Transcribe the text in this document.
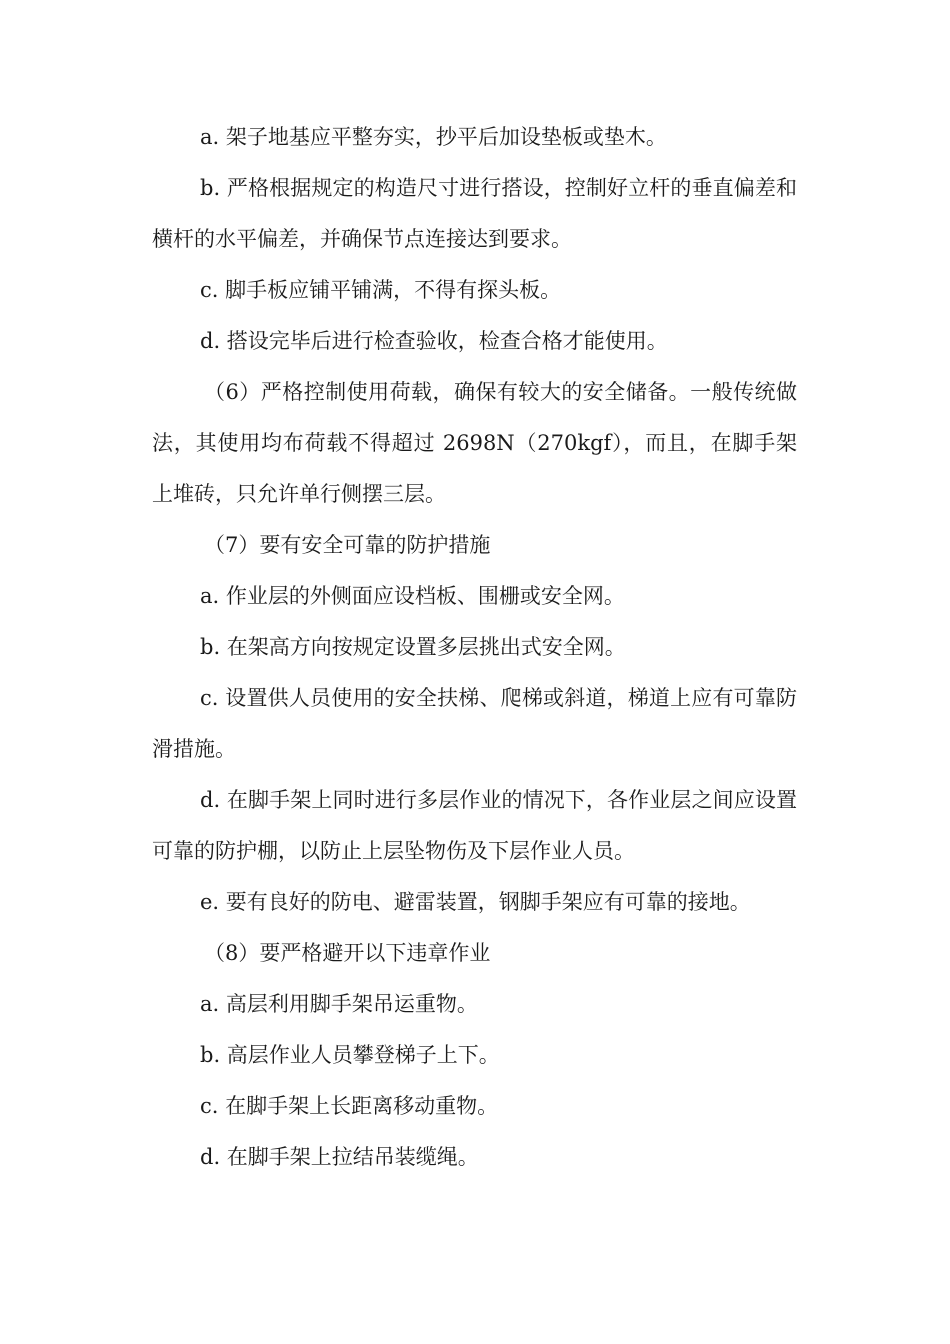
a. 架子地基应平整夯实，抄平后加设垫板或垫木。

b. 严格根据规定的构造尺寸进行搭设，控制好立杆的垂直偏差和横杆的水平偏差，并确保节点连接达到要求。

c. 脚手板应铺平铺满，不得有探头板。

d. 搭设完毕后进行检查验收，检查合格才能使用。

（6）严格控制使用荷载，确保有较大的安全储备。一般传统做法，其使用均布荷载不得超过 2698N（270kgf），而且，在脚手架上堆砖，只允许单行侧摆三层。

（7）要有安全可靠的防护措施

a. 作业层的外侧面应设档板、围栅或安全网。

b. 在架高方向按规定设置多层挑出式安全网。

c. 设置供人员使用的安全扶梯、爬梯或斜道，梯道上应有可靠防滑措施。

d. 在脚手架上同时进行多层作业的情况下，各作业层之间应设置可靠的防护棚，以防止上层坠物伤及下层作业人员。

e. 要有良好的防电、避雷装置，钢脚手架应有可靠的接地。

（8）要严格避开以下违章作业

a. 高层利用脚手架吊运重物。

b. 高层作业人员攀登梯子上下。

c. 在脚手架上长距离移动重物。

d. 在脚手架上拉结吊装缆绳。
